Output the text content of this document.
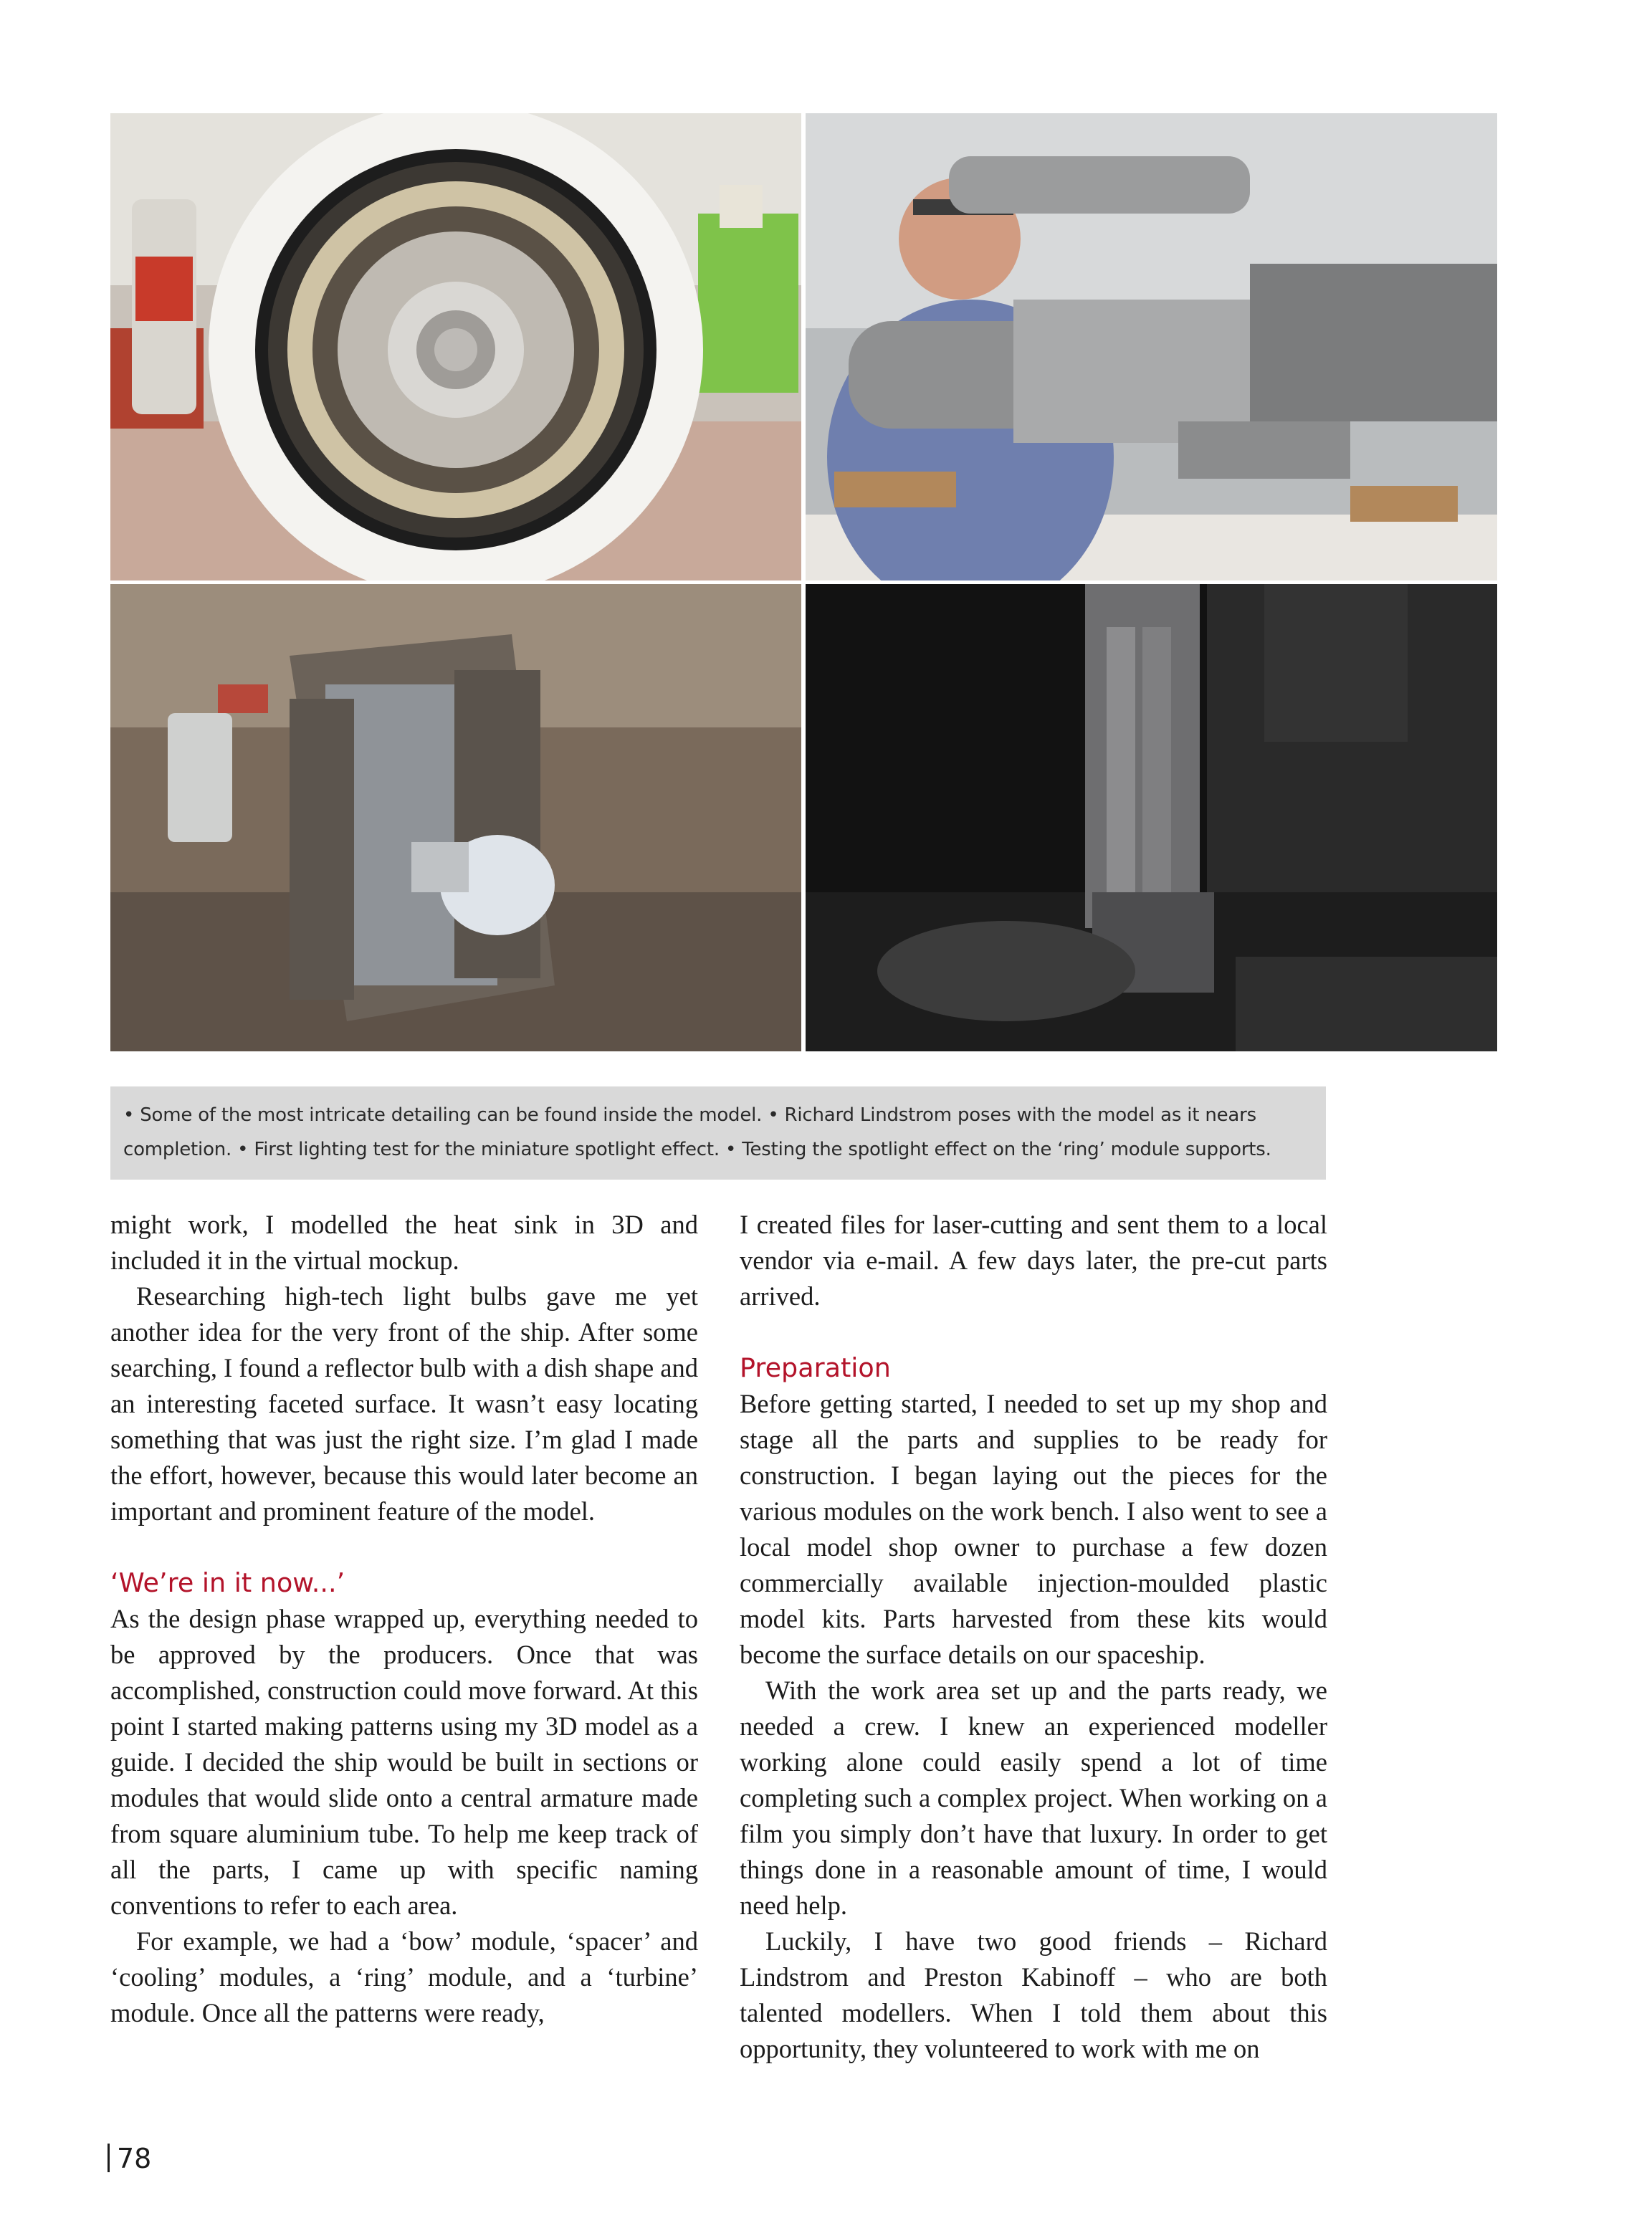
• Some of the most intricate detailing can be found inside the model. • Richard Lindstrom poses with the model as it nears completion. • First lighting test for the miniature spotlight effect. • Testing the spotlight effect on the ‘ring’ module supports.

might work, I modelled the heat sink in 3D and included it in the virtual mockup.

Researching high-tech light bulbs gave me yet another idea for the very front of the ship. After some searching, I found a reflector bulb with a dish shape and an interesting faceted surface. It wasn’t easy locating something that was just the right size. I’m glad I made the effort, however, because this would later become an important and prominent feature of the model.

‘We’re in it now...’

As the design phase wrapped up, everything needed to be approved by the producers. Once that was accomplished, construction could move forward. At this point I started making patterns using my 3D model as a guide. I decided the ship would be built in sections or modules that would slide onto a central armature made from square aluminium tube. To help me keep track of all the parts, I came up with specific naming conventions to refer to each area.

For example, we had a ‘bow’ module, ‘spacer’ and ‘cooling’ modules, a ‘ring’ module, and a ‘turbine’ module. Once all the patterns were ready,

I created files for laser-cutting and sent them to a local vendor via e-mail. A few days later, the pre-cut parts arrived.

Preparation

Before getting started, I needed to set up my shop and stage all the parts and supplies to be ready for construction. I began laying out the pieces for the various modules on the work bench. I also went to see a local model shop owner to purchase a few dozen commercially available injection-moulded plastic model kits. Parts harvested from these kits would become the surface details on our spaceship.

With the work area set up and the parts ready, we needed a crew. I knew an experienced modeller working alone could easily spend a lot of time completing such a complex project. When working on a film you simply don’t have that luxury. In order to get things done in a reasonable amount of time, I would need help.

Luckily, I have two good friends – Richard Lindstrom and Preston Kabinoff – who are both talented modellers. When I told them about this opportunity, they volunteered to work with me on

78
